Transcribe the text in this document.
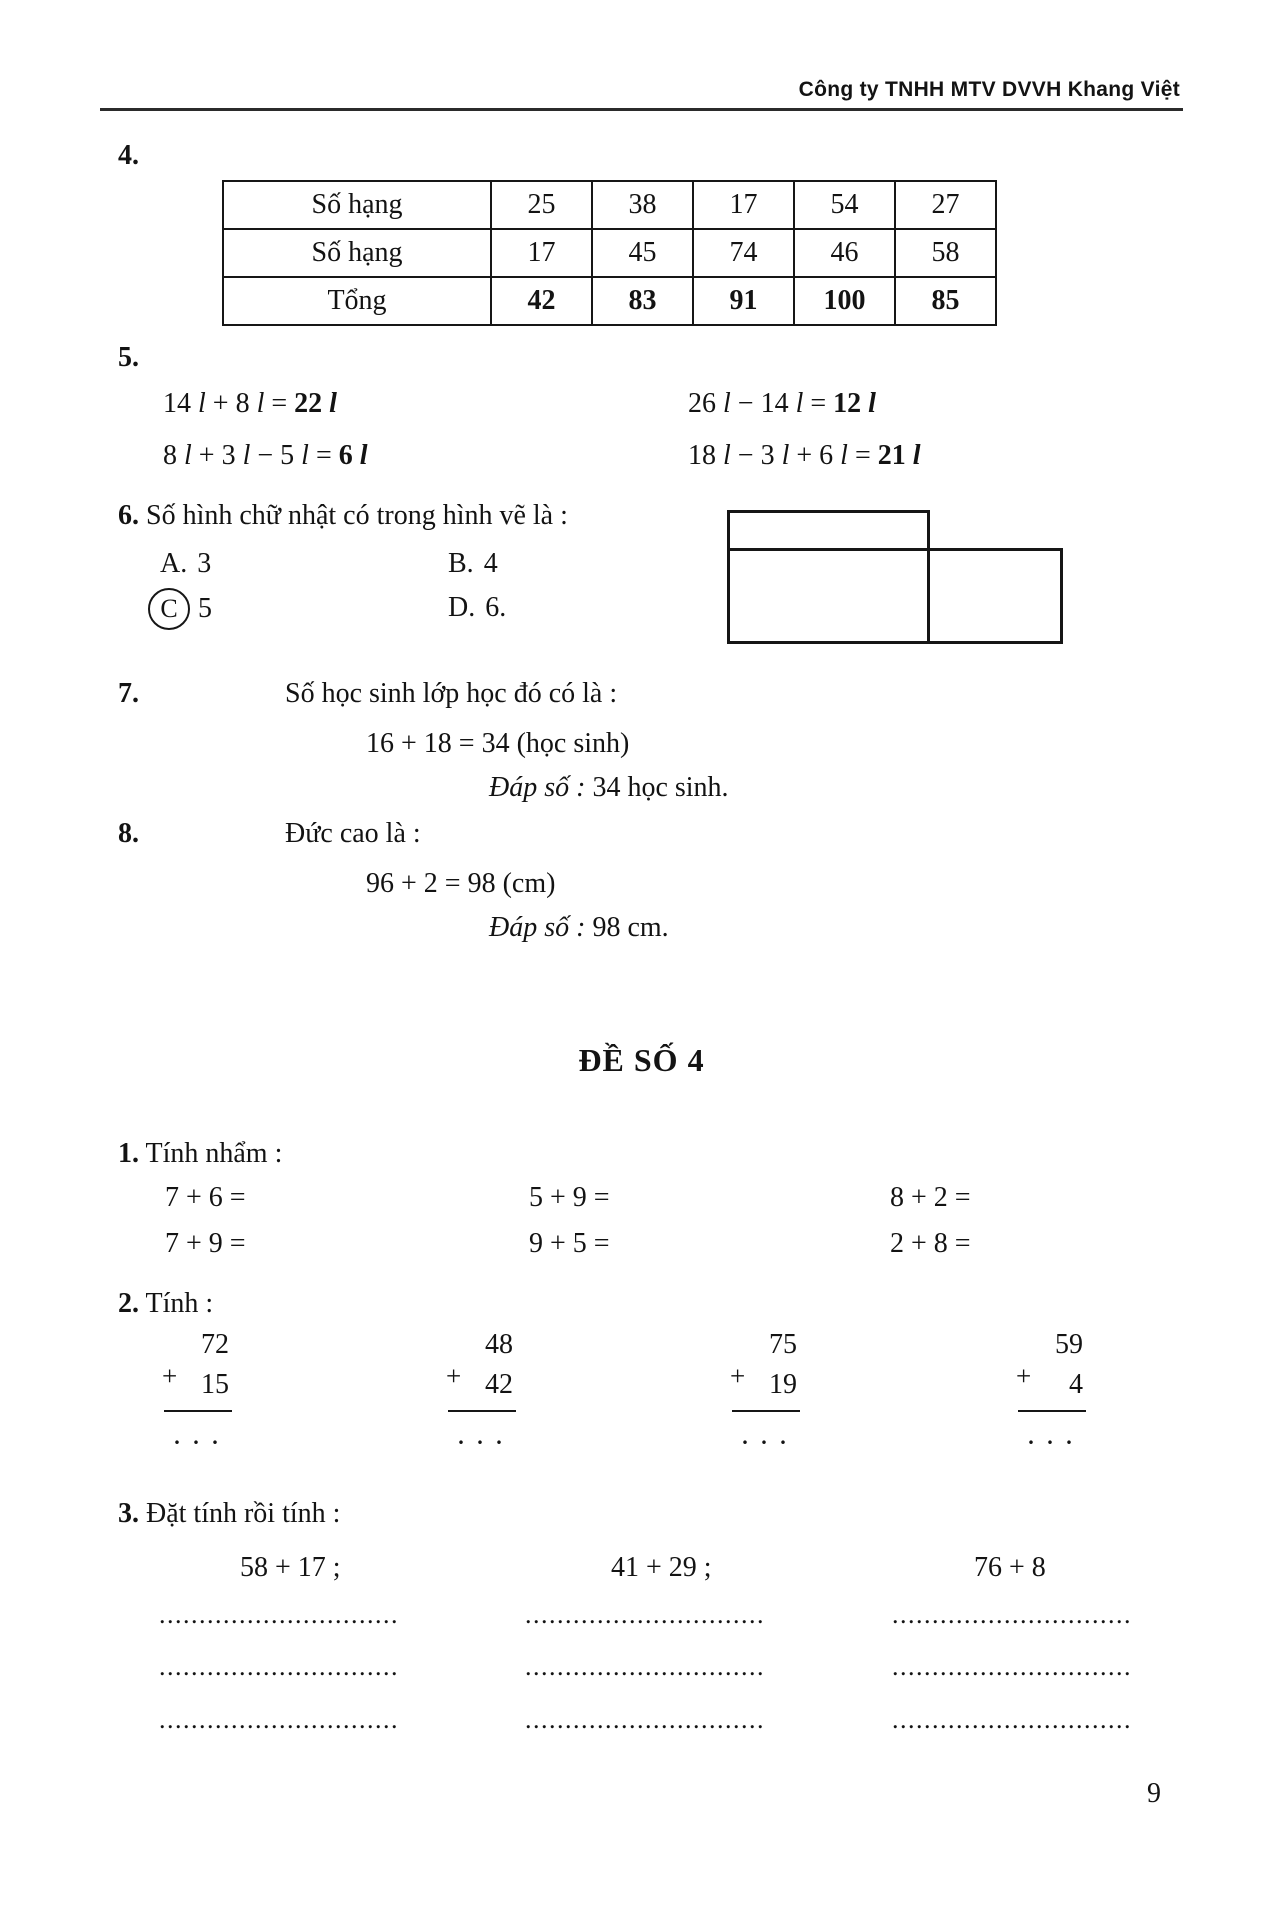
Công ty TNHH MTV DVVH Khang Việt
4.
Số hạng	25	38	17	54	27
Số hạng	17	45	74	46	58
Tổng	42	83	91	100	85
5.
14 l + 8 l = 22 l	26 l − 14 l = 12 l
8 l + 3 l − 5 l = 6 l	18 l − 3 l + 6 l = 21 l
6. Số hình chữ nhật có trong hình vẽ là :
A. 3	B. 4
C 5	D. 6.
7.	Số học sinh lớp học đó có là :
16 + 18 = 34 (học sinh)
Đáp số : 34 học sinh.
8.	Đức cao là :
96 + 2 = 98 (cm)
Đáp số : 98 cm.
ĐỀ SỐ 4
1. Tính nhẩm :
7 + 6 =	5 + 9 =	8 + 2 =
7 + 9 =	9 + 5 =	2 + 8 =
2. Tính :
72
+ 15
. . .
48
+ 42
. . .
75
+ 19
. . .
59
+ 4
. . .
3. Đặt tính rồi tính :
58 + 17 ;	41 + 29 ;	76 + 8
..............................	..............................	..............................
..............................	..............................	..............................
..............................	..............................	..............................
9
